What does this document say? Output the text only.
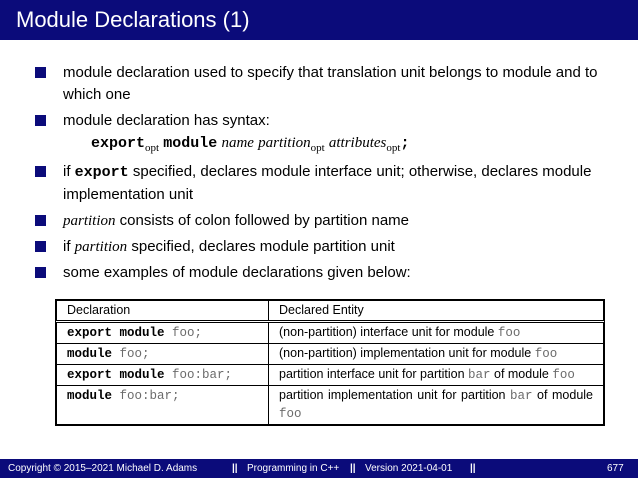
Module Declarations (1)
module declaration used to specify that translation unit belongs to module and to which one
module declaration has syntax:
export$_{opt}$ module name partition$_{opt}$ attributes$_{opt}$;
if export specified, declares module interface unit; otherwise, declares module implementation unit
partition consists of colon followed by partition name
if partition specified, declares module partition unit
some examples of module declarations given below:
Declaration	Declared Entity
export module foo;	(non-partition) interface unit for module foo
module foo;	(non-partition) implementation unit for module foo
export module foo:bar;	partition interface unit for partition bar of module foo
module foo:bar;	partition implementation unit for partition bar of module foo
Copyright © 2015–2021 Michael D. Adams	|| Programming in C++ || Version 2021-04-01 ||	677
